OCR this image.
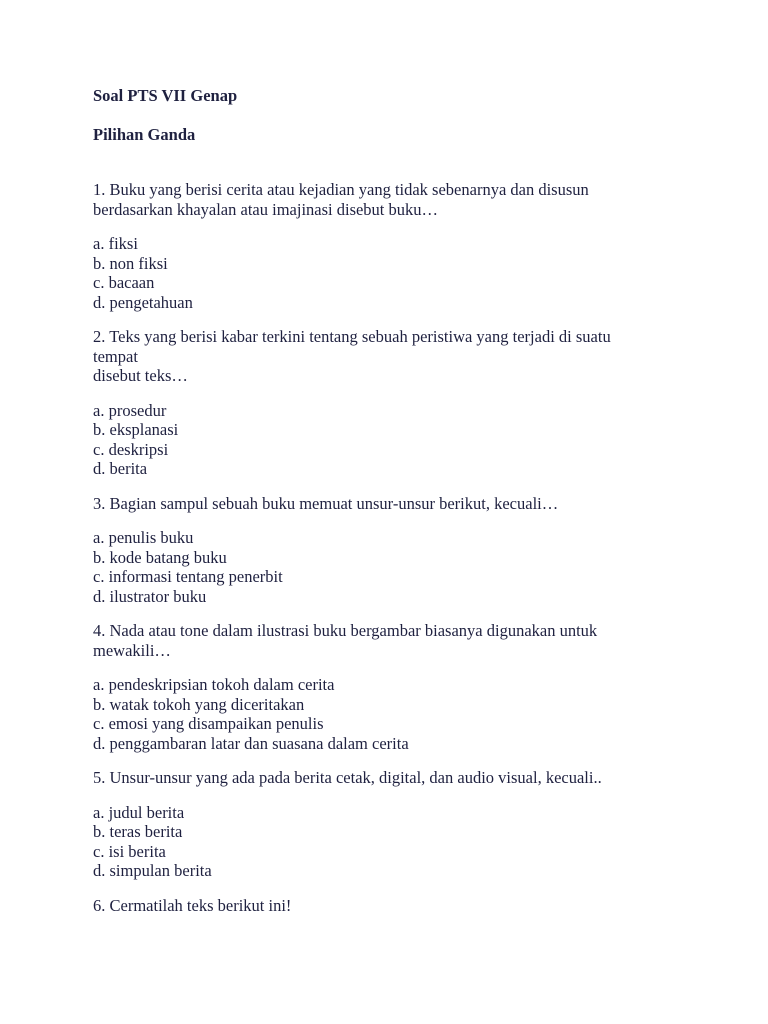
Soal PTS VII Genap

Pilihan Ganda

1. Buku yang berisi cerita atau kejadian yang tidak sebenarnya dan disusun
berdasarkan khayalan atau imajinasi disebut buku…

a. fiksi
b. non fiksi
c. bacaan
d. pengetahuan

2. Teks yang berisi kabar terkini tentang sebuah peristiwa yang terjadi di suatu
tempat
disebut teks…

a. prosedur
b. eksplanasi
c. deskripsi
d. berita

3. Bagian sampul sebuah buku memuat unsur-unsur berikut, kecuali…

a. penulis buku
b. kode batang buku
c. informasi tentang penerbit
d. ilustrator buku

4. Nada atau tone dalam ilustrasi buku bergambar biasanya digunakan untuk
mewakili…

a. pendeskripsian tokoh dalam cerita
b. watak tokoh yang diceritakan
c. emosi yang disampaikan penulis
d. penggambaran latar dan suasana dalam cerita

5. Unsur-unsur yang ada pada berita cetak, digital, dan audio visual, kecuali..

a. judul berita
b. teras berita
c. isi berita
d. simpulan berita

6. Cermatilah teks berikut ini!
